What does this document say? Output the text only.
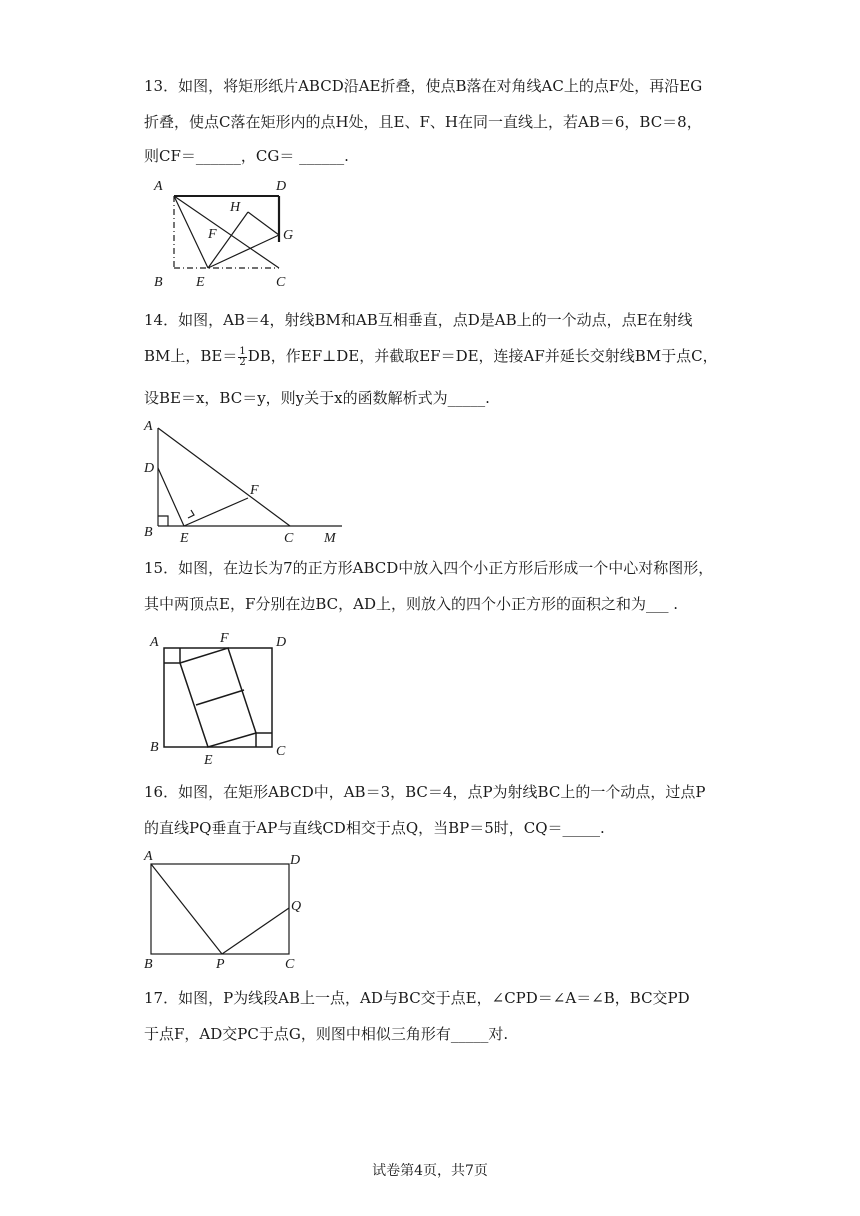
13．如图，将矩形纸片ABCD沿AE折叠，使点B落在对角线AC上的点F处，再沿EG
折叠，使点C落在矩形内的点H处，且E、F、H在同一直线上，若AB＝6，BC＝8，
则CF＝______，CG＝ ______.
A	D
H
F	G
B E	C
14．如图，AB＝4，射线BM和AB互相垂直，点D是AB上的一个动点，点E在射线
BM上，$BE= \frac{1}{2}$ DB，作EF⊥DE，并截取EF＝DE，连接AF并延长交射线BM于点C，
设BE＝x，BC＝y，则y关于x的函数解析式为_____.
A
D
F
B E	C M
15．如图，在边长为7的正方形ABCD中放入四个小正方形后形成一个中心对称图形，
其中两顶点E，F分别在边BC，AD上，则放入的四个小正方形的面积之和为___ .
A	F	D
B
E
C
16．如图，在矩形ABCD中，AB＝3，BC＝4，点P为射线BC上的一个动点，过点P
的直线PQ垂直于AP与直线CD相交于点Q，当BP＝5时，CQ＝_____.
A	D
Q
B	P	C
17．如图，P为线段AB上一点，AD与BC交于点E，∠CPD＝∠A＝∠B，BC交PD
于点F，AD交PC于点G，则图中相似三角形有_____对.
试卷第4页，共7页
